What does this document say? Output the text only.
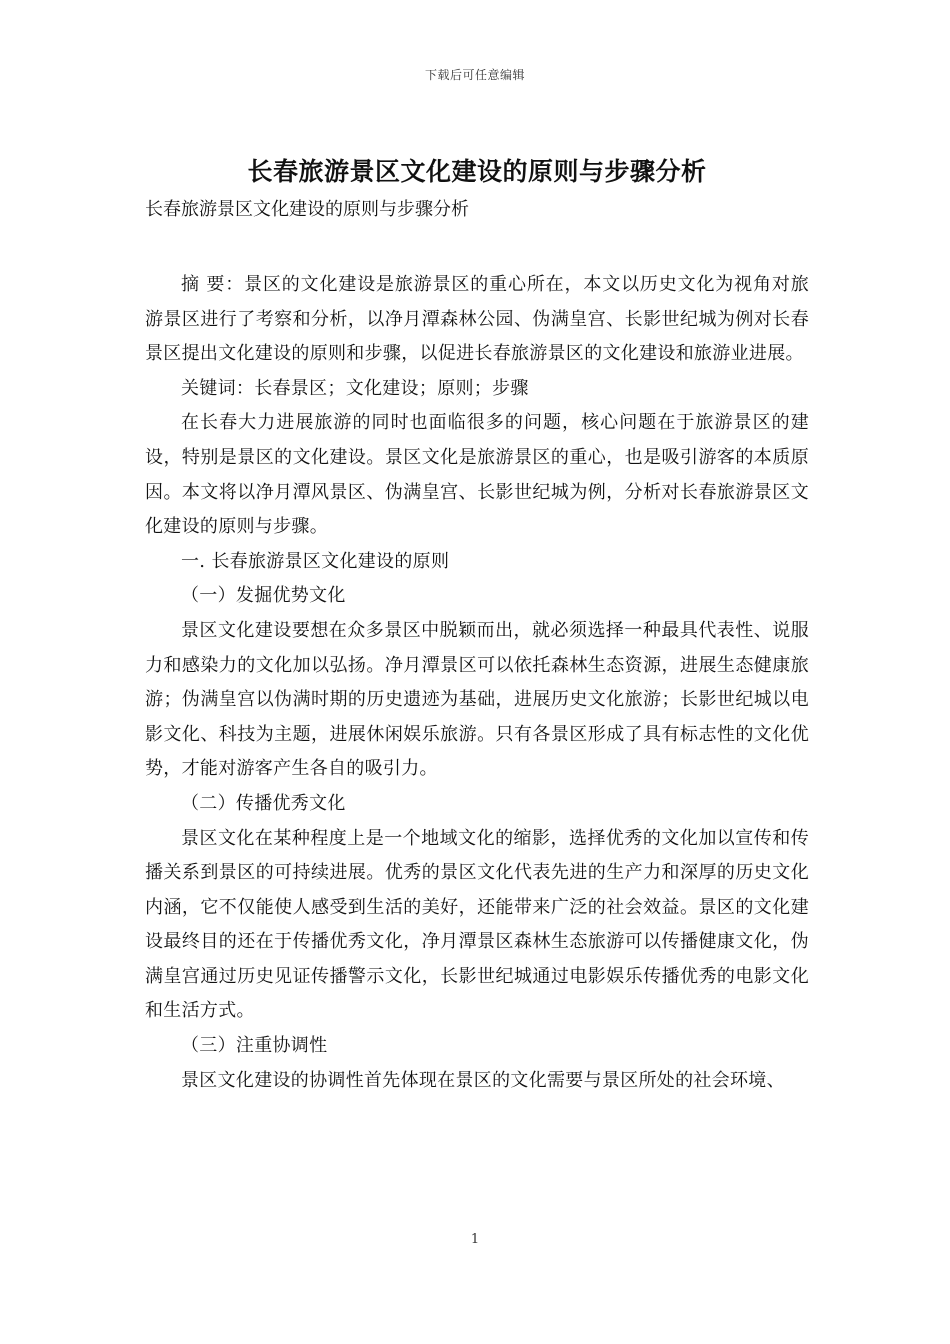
下载后可任意编辑
长春旅游景区文化建设的原则与步骤分析

长春旅游景区文化建设的原则与步骤分析

摘 要：景区的文化建设是旅游景区的重心所在，本文以历史文化为视角对旅游景区进行了考察和分析，以净月潭森林公园、伪满皇宫、长影世纪城为例对长春景区提出文化建设的原则和步骤，以促进长春旅游景区的文化建设和旅游业进展。

关键词：长春景区；文化建设；原则；步骤

在长春大力进展旅游的同时也面临很多的问题，核心问题在于旅游景区的建设，特别是景区的文化建设。景区文化是旅游景区的重心，也是吸引游客的本质原因。本文将以净月潭风景区、伪满皇宫、长影世纪城为例，分析对长春旅游景区文化建设的原则与步骤。

一. 长春旅游景区文化建设的原则

（一）发掘优势文化

景区文化建设要想在众多景区中脱颖而出，就必须选择一种最具代表性、说服力和感染力的文化加以弘扬。净月潭景区可以依托森林生态资源，进展生态健康旅游；伪满皇宫以伪满时期的历史遗迹为基础，进展历史文化旅游；长影世纪城以电影文化、科技为主题，进展休闲娱乐旅游。只有各景区形成了具有标志性的文化优势，才能对游客产生各自的吸引力。

（二）传播优秀文化

景区文化在某种程度上是一个地域文化的缩影，选择优秀的文化加以宣传和传播关系到景区的可持续进展。优秀的景区文化代表先进的生产力和深厚的历史文化内涵，它不仅能使人感受到生活的美好，还能带来广泛的社会效益。景区的文化建设最终目的还在于传播优秀文化，净月潭景区森林生态旅游可以传播健康文化，伪满皇宫通过历史见证传播警示文化，长影世纪城通过电影娱乐传播优秀的电影文化和生活方式。

（三）注重协调性

景区文化建设的协调性首先体现在景区的文化需要与景区所处的社会环境、

1
